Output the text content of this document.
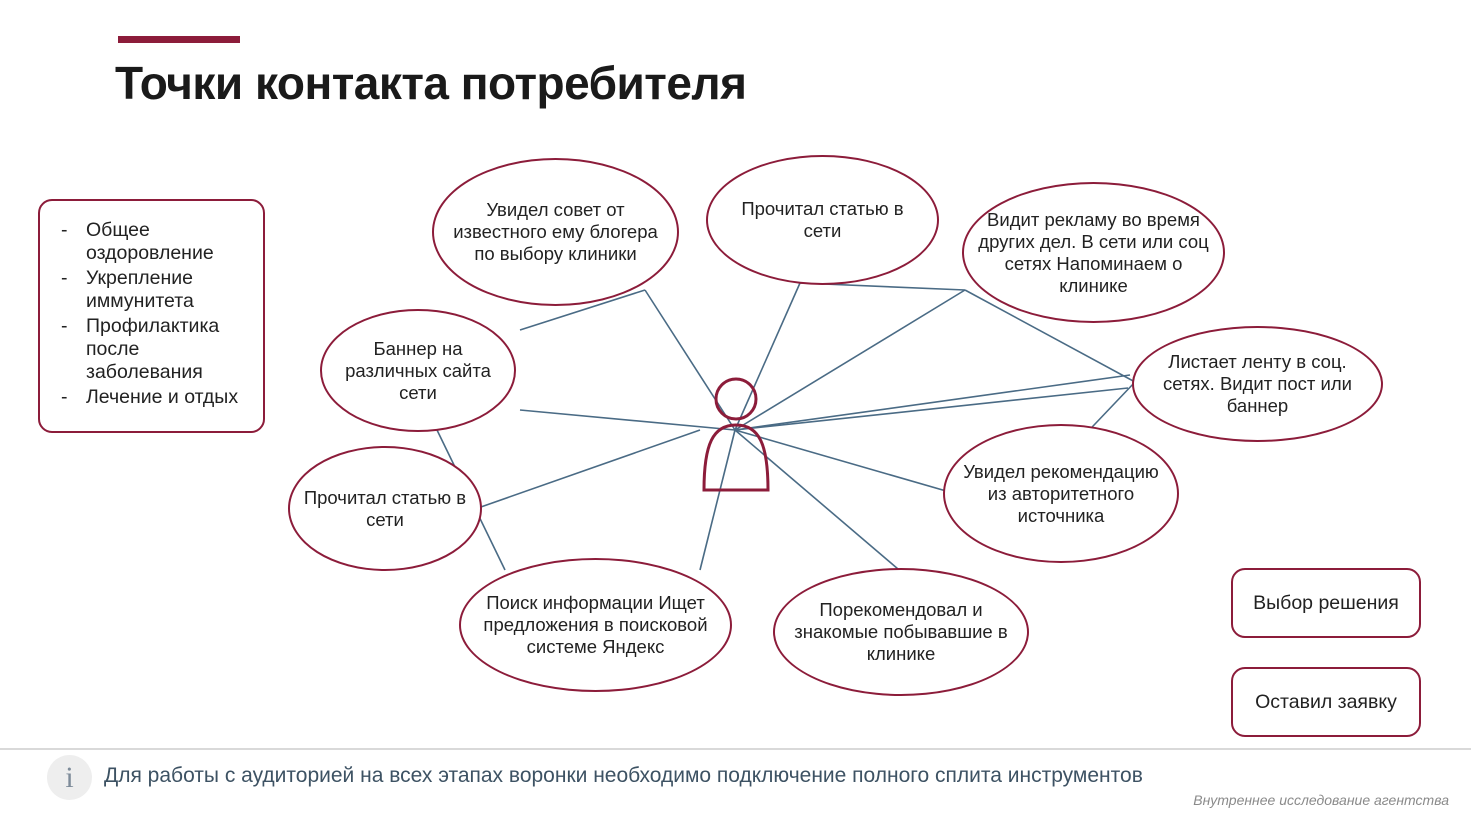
Точки контакта потребителя
- Общее оздоровление
- Укрепление иммунитета
- Профилактика после заболевания
- Лечение и отдых
Увидел совет от известного ему блогера по выбору клиники
Прочитал статью в сети
Видит рекламу во время других дел. В сети или соц сетях Напоминаем о клинике
Листает ленту в соц. сетях. Видит пост или баннер
Баннер на различных сайта сети
Увидел рекомендацию из авторитетного источника
Прочитал статью в сети
Поиск информации Ищет предложения в поисковой системе Яндекс
Порекомендовал и знакомые побывавшие в клинике
Выбор решения
Оставил заявку
i	Для работы с аудиторией на всех этапах воронки необходимо подключение полного сплита инструментов
Внутреннее исследование агентства
